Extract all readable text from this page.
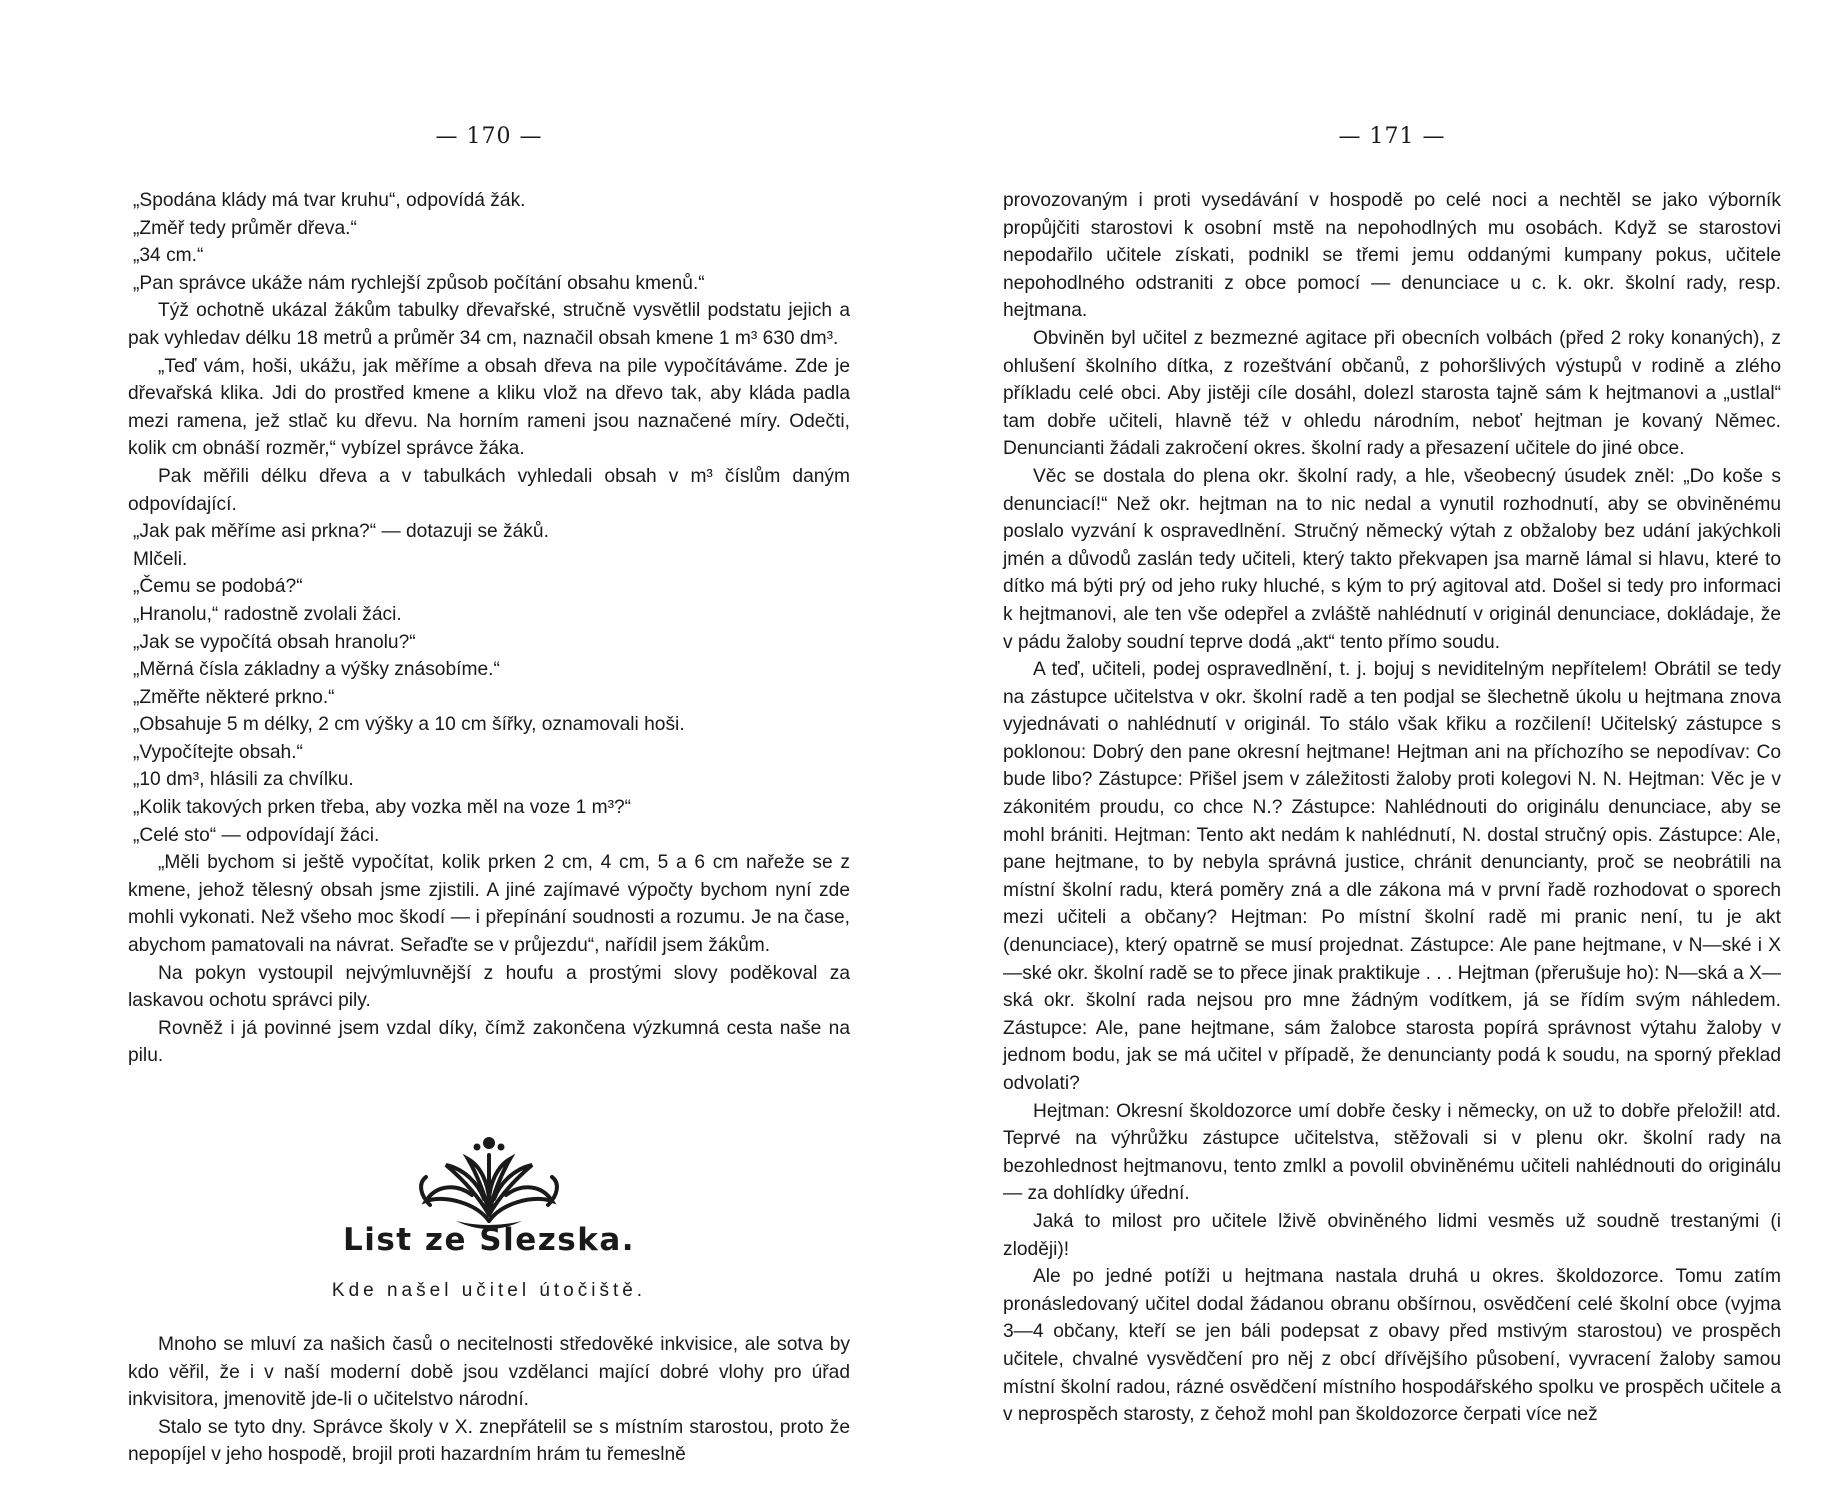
— 170 —

„Spodána klády má tvar kruhu“, odpovídá žák.

„Změř tedy průměr dřeva.“

„34 cm.“

„Pan správce ukáže nám rychlejší způsob počítání obsahu kmenů.“

Týž ochotně ukázal žákům tabulky dřevařské, stručně vysvětlil podstatu jejich a pak vyhledav délku 18 metrů a průměr 34 cm, naznačil obsah kmene 1 m³ 630 dm³.

„Teď vám, hoši, ukážu, jak měříme a obsah dřeva na pile vypočítáváme. Zde je dřevařská klika. Jdi do prostřed kmene a kliku vlož na dřevo tak, aby kláda padla mezi ramena, jež stlač ku dřevu. Na horním rameni jsou naznačené míry. Odečti, kolik cm obnáší rozměr,“ vybízel správce žáka.

Pak měřili délku dřeva a v tabulkách vyhledali obsah v m³ číslům daným odpovídající.

„Jak pak měříme asi prkna?“ — dotazuji se žáků.

Mlčeli.

„Čemu se podobá?“

„Hranolu,“ radostně zvolali žáci.

„Jak se vypočítá obsah hranolu?“

„Měrná čísla základny a výšky znásobíme.“

„Změřte některé prkno.“

„Obsahuje 5 m délky, 2 cm výšky a 10 cm šířky, oznamovali hoši.

„Vypočítejte obsah.“

„10 dm³, hlásili za chvílku.

„Kolik takových prken třeba, aby vozka měl na voze 1 m³?“

„Celé sto“ — odpovídají žáci.

„Měli bychom si ještě vypočítat, kolik prken 2 cm, 4 cm, 5 a 6 cm nařeže se z kmene, jehož tělesný obsah jsme zjistili. A jiné zajímavé výpočty bychom nyní zde mohli vykonati. Než všeho moc škodí — i přepínání soudnosti a rozumu. Je na čase, abychom pamatovali na návrat. Seřaďte se v průjezdu“, nařídil jsem žákům.

Na pokyn vystoupil nejvýmluvnější z houfu a prostými slovy poděkoval za laskavou ochotu správci pily.

Rovněž i já povinné jsem vzdal díky, čímž zakončena výzkumná cesta naše na pilu.

List ze Slezska.
Kde našel učitel útočiště.

Mnoho se mluví za našich časů o necitelnosti středověké inkvisice, ale sotva by kdo věřil, že i v naší moderní době jsou vzdělanci mající dobré vlohy pro úřad inkvisitora, jmenovitě jde-li o učitelstvo národní.

Stalo se tyto dny. Správce školy v X. znepřátelil se s místním starostou, proto že nepopíjel v jeho hospodě, brojil proti hazardním hrám tu řemeslně

— 171 —

provozovaným i proti vysedávání v hospodě po celé noci a nechtěl se jako výborník propůjčiti starostovi k osobní mstě na nepohodlných mu osobách. Když se starostovi nepodařilo učitele získati, podnikl se třemi jemu oddanými kumpany pokus, učitele nepohodlného odstraniti z obce pomocí — denunciace u c. k. okr. školní rady, resp. hejtmana.

Obviněn byl učitel z bezmezné agitace při obecních volbách (před 2 roky konaných), z ohlušení školního dítka, z rozeštvání občanů, z pohoršlivých výstupů v rodině a zlého příkladu celé obci. Aby jistěji cíle dosáhl, dolezl starosta tajně sám k hejtmanovi a „ustlal“ tam dobře učiteli, hlavně též v ohledu národním, neboť hejtman je kovaný Němec. Denuncianti žádali zakročení okres. školní rady a přesazení učitele do jiné obce.

Věc se dostala do plena okr. školní rady, a hle, všeobecný úsudek zněl: „Do koše s denunciací!“ Než okr. hejtman na to nic nedal a vynutil rozhodnutí, aby se obviněnému poslalo vyzvání k ospravedlnění. Stručný německý výtah z obžaloby bez udání jakýchkoli jmén a důvodů zaslán tedy učiteli, který takto překvapen jsa marně lámal si hlavu, které to dítko má býti prý od jeho ruky hluché, s kým to prý agitoval atd. Došel si tedy pro informaci k hejtmanovi, ale ten vše odepřel a zvláště nahlédnutí v originál denunciace, dokládaje, že v pádu žaloby soudní teprve dodá „akt“ tento přímo soudu.

A teď, učiteli, podej ospravedlnění, t. j. bojuj s neviditelným nepřítelem! Obrátil se tedy na zástupce učitelstva v okr. školní radě a ten podjal se šlechetně úkolu u hejtmana znova vyjednávati o nahlédnutí v originál. To stálo však křiku a rozčilení! Učitelský zástupce s poklonou: Dobrý den pane okresní hejtmane! Hejtman ani na příchozího se nepodívav: Co bude libo? Zástupce: Přišel jsem v záležitosti žaloby proti kolegovi N. N. Hejtman: Věc je v zákonitém proudu, co chce N.? Zástupce: Nahlédnouti do originálu denunciace, aby se mohl brániti. Hejtman: Tento akt nedám k nahlédnutí, N. dostal stručný opis. Zástupce: Ale, pane hejtmane, to by nebyla správná justice, chránit denuncianty, proč se neobrátili na místní školní radu, která poměry zná a dle zákona má v první řadě rozhodovat o sporech mezi učiteli a občany? Hejtman: Po místní školní radě mi pranic není, tu je akt (denunciace), který opatrně se musí projednat. Zástupce: Ale pane hejtmane, v N—ské i X—ské okr. školní radě se to přece jinak praktikuje . . . Hejtman (přerušuje ho): N—ská a X—ská okr. školní rada nejsou pro mne žádným vodítkem, já se řídím svým náhledem. Zástupce: Ale, pane hejtmane, sám žalobce starosta popírá správnost výtahu žaloby v jednom bodu, jak se má učitel v případě, že denuncianty podá k soudu, na sporný překlad odvolati?

Hejtman: Okresní školdozorce umí dobře česky i německy, on už to dobře přeložil! atd. Teprvé na výhrůžku zástupce učitelstva, stěžovali si v plenu okr. školní rady na bezohlednost hejtmanovu, tento zmlkl a povolil obviněnému učiteli nahlédnouti do originálu — za dohlídky úřední.

Jaká to milost pro učitele lživě obviněného lidmi vesměs už soudně trestanými (i zloději)!

Ale po jedné potíži u hejtmana nastala druhá u okres. školdozorce. Tomu zatím pronásledovaný učitel dodal žádanou obranu obšírnou, osvědčení celé školní obce (vyjma 3—4 občany, kteří se jen báli podepsat z obavy před mstivým starostou) ve prospěch učitele, chvalné vysvědčení pro něj z obcí dřívějšího působení, vyvracení žaloby samou místní školní radou, rázné osvědčení místního hospodářského spolku ve prospěch učitele a v neprospěch starosty, z čehož mohl pan školdozorce čerpati více než
